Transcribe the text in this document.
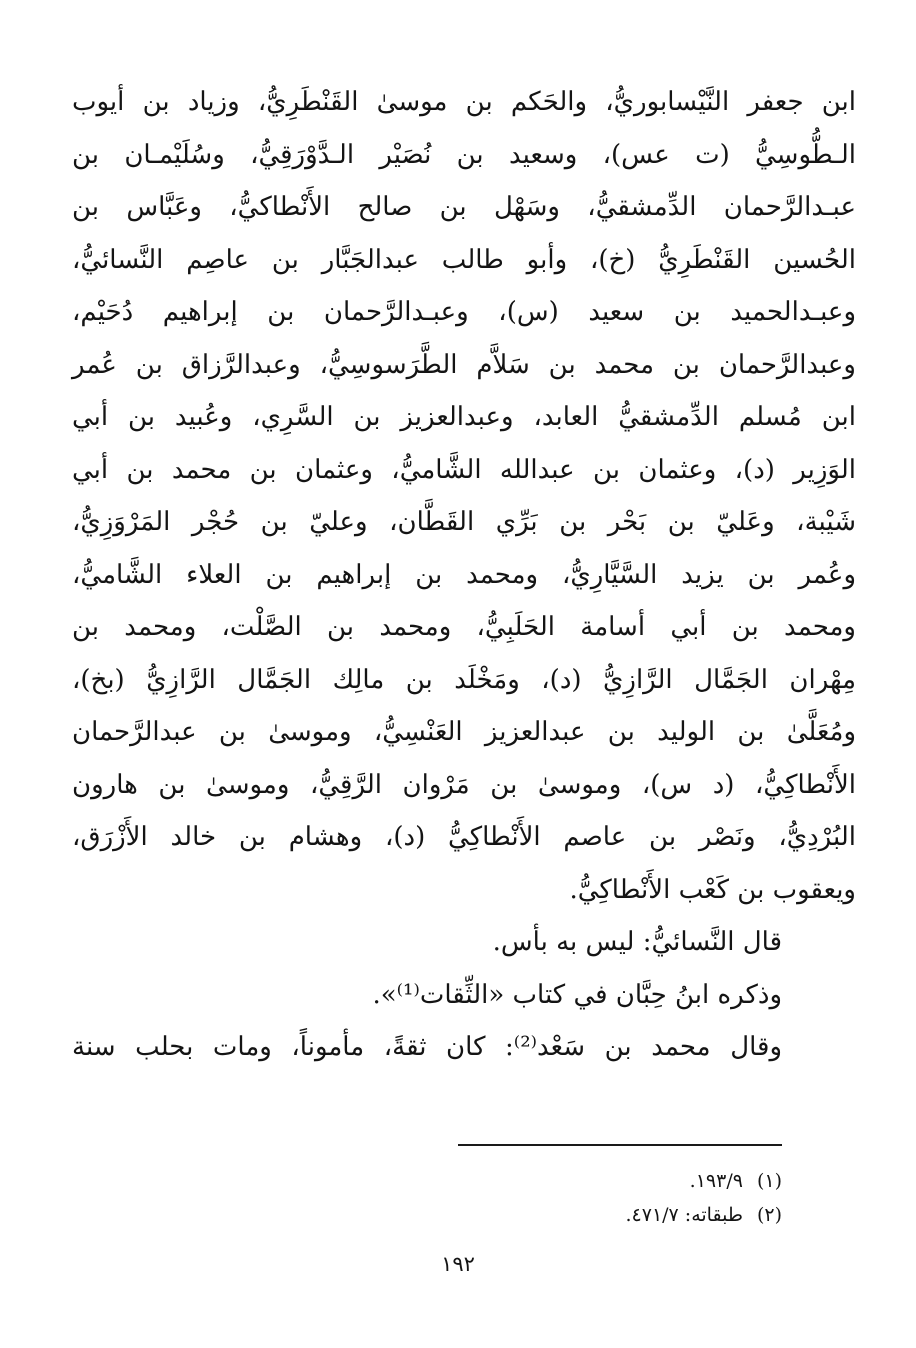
ابن جعفر النَّيْسابوريُّ، والحَكم بن موسىٰ القَنْطَرِيُّ، وزياد بن أيوب
الـطُّوسِيُّ (ت عس)، وسعيد بن نُصَيْر الـدَّوْرَقِيُّ، وسُلَيْمـان بن
عبـدالرَّحمان الدِّمشقيُّ، وسَهْل بن صالح الأَنْطاكيُّ، وعَبَّاس بن
الحُسين القَنْطَرِيُّ (خ)، وأبو طالب عبدالجَبَّار بن عاصِم النَّسائيُّ،
وعبـدالحميد بن سعيد (س)، وعبـدالرَّحمان بن إبراهيم دُحَيْم،
وعبدالرَّحمان بن محمد بن سَلاَّم الطَّرَسوسِيُّ، وعبدالرَّزاق بن عُمر
ابن مُسلم الدِّمشقيُّ العابد، وعبدالعزيز بن السَّرِي، وعُبيد بن أبي
الوَزِير (د)، وعثمان بن عبدالله الشَّاميُّ، وعثمان بن محمد بن أبي
شَيْبة، وعَليّ بن بَحْر بن بَرِّي القَطَّان، وعليّ بن حُجْر المَرْوَزِيُّ،
وعُمر بن يزيد السَّيَّارِيُّ، ومحمد بن إبراهيم بن العلاء الشَّاميُّ،
ومحمد بن أبي أسامة الحَلَبِيُّ، ومحمد بن الصَّلْت، ومحمد بن
مِهْران الجَمَّال الرَّازِيُّ (د)، ومَخْلَد بن مالِك الجَمَّال الرَّازِيُّ (بخ)،
ومُعَلَّىٰ بن الوليد بن عبدالعزيز العَنْسِيُّ، وموسىٰ بن عبدالرَّحمان
الأَنْطاكِيُّ، (د س)، وموسىٰ بن مَرْوان الرَّقِيُّ، وموسىٰ بن هارون
البُرْدِيُّ، ونَصْر بن عاصم الأَنْطاكِيُّ (د)، وهشام بن خالد الأَزْرَق،
ويعقوب بن كَعْب الأَنْطاكِيُّ.
قال النَّسائيُّ: ليس به بأس.
وذكره ابنُ حِبَّان في كتاب «الثِّقات⁽¹⁾».
وقال محمد بن سَعْد⁽²⁾: كان ثقةً، مأموناً، ومات بحلب سنة
(١)١٩٣/٩.
(٢)طبقاته: ٤٧١/٧.
١٩٢
